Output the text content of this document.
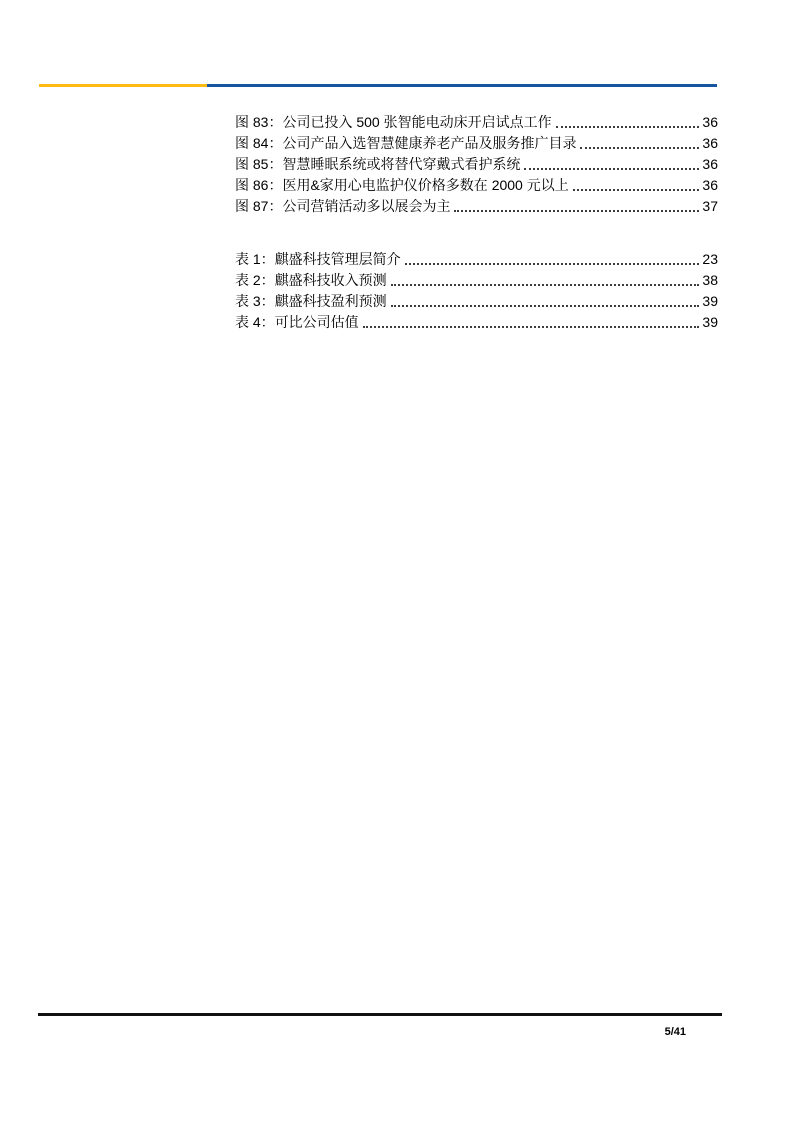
图 83： 公司已投入 500 张智能电动床开启试点工作	36
图 84： 公司产品入选智慧健康养老产品及服务推广目录	36
图 85： 智慧睡眠系统或将替代穿戴式看护系统	36
图 86： 医用&家用心电监护仪价格多数在 2000 元以上	36
图 87： 公司营销活动多以展会为主	37
表 1： 麒盛科技管理层简介	23
表 2： 麒盛科技收入预测	38
表 3： 麒盛科技盈利预测	39
表 4： 可比公司估值	39
5/41
